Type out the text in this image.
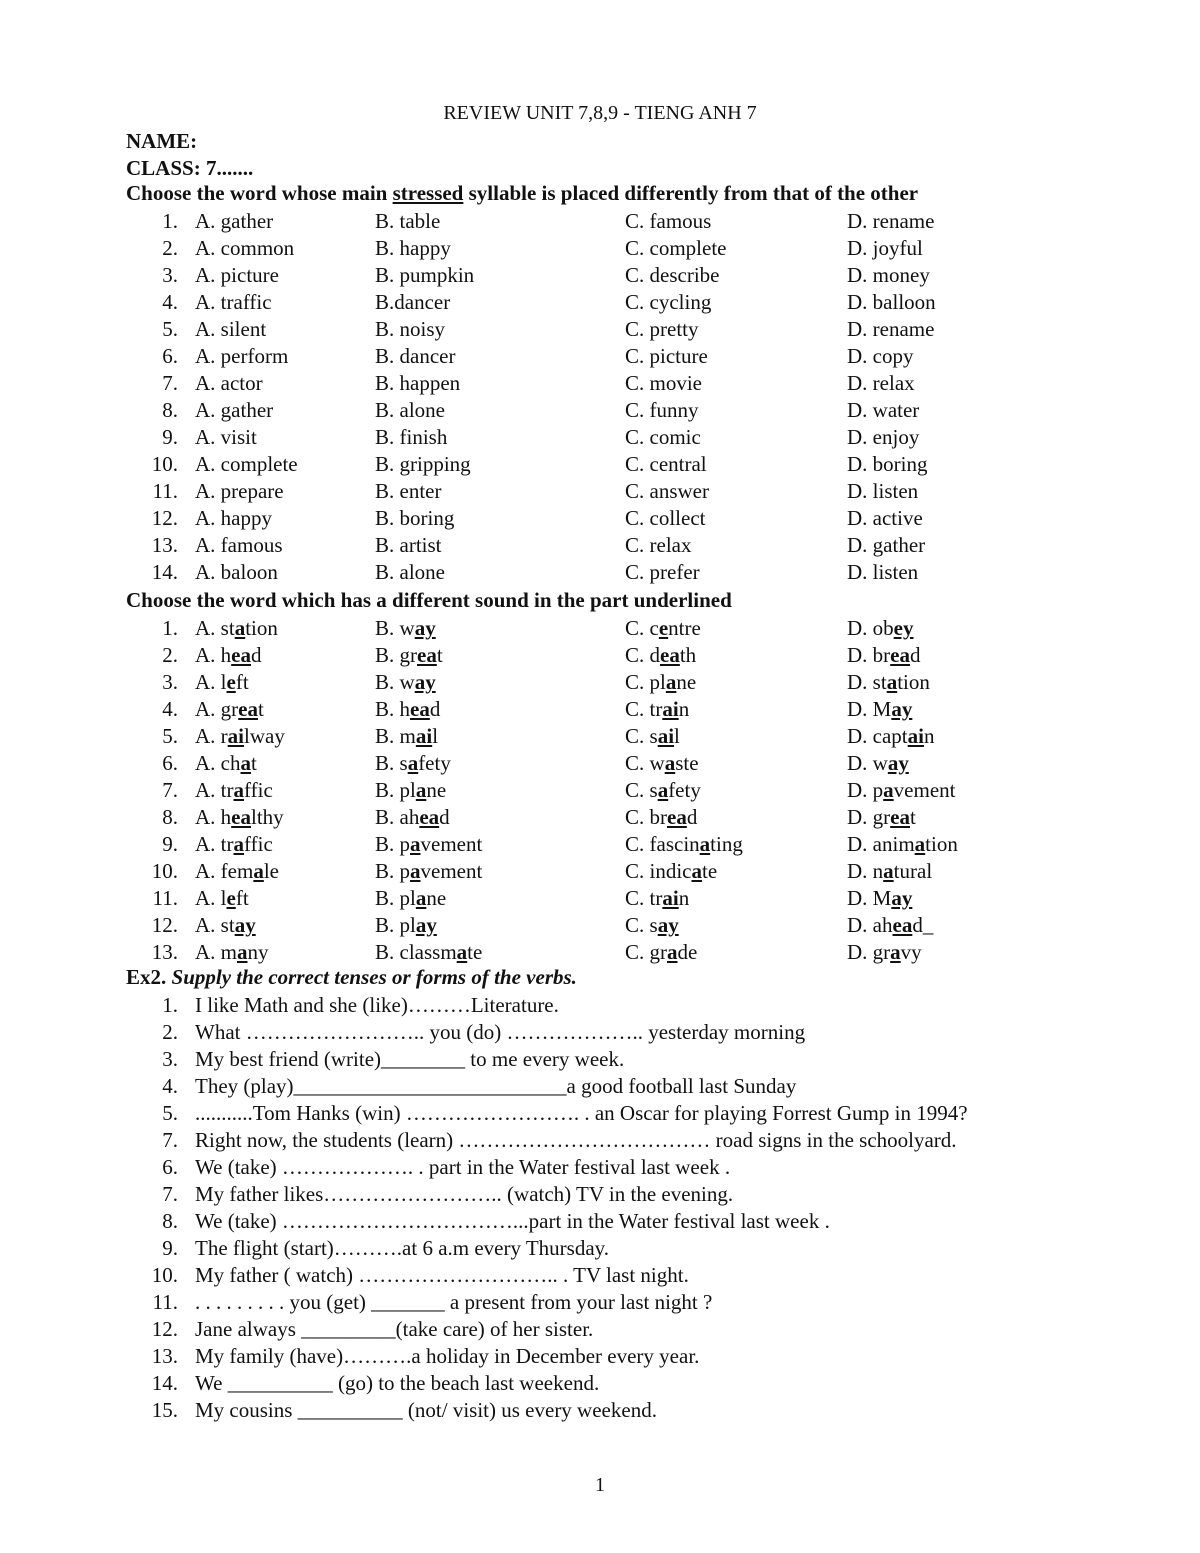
REVIEW UNIT 7,8,9 - TIENG ANH 7
NAME:
CLASS: 7.......
Choose the word whose main stressed syllable is placed differently from that of the other
1. A. gather	B. table	C. famous	D. rename
2. A. common	B. happy	C. complete	D. joyful
3. A. picture	B. pumpkin	C. describe	D. money
4. A. traffic	B.dancer	C. cycling	D. balloon
5. A. silent	B. noisy	C. pretty	D. rename
6. A. perform	B. dancer	C. picture	D. copy
7. A. actor	B. happen	C. movie	D. relax
8. A. gather	B. alone	C. funny	D. water
9. A. visit	B. finish	C. comic	D. enjoy
10. A. complete	B. gripping	C. central	D. boring
11. A. prepare	B. enter	C. answer	D. listen
12. A. happy	B. boring	C. collect	D. active
13. A. famous	B. artist	C. relax	D. gather
14. A. baloon	B. alone	C. prefer	D. listen
Choose the word which has a different sound in the part underlined
1. A. station	B. way	C. centre	D. obey
2. A. head	B. great	C. death	D. bread
3. A. left	B. way	C. plane	D. station
4. A. great	B. head	C. train	D. May
5. A. railway	B. mail	C. sail	D. captain
6. A. chat	B. safety	C. waste	D. way
7. A. traffic	B. plane	C. safety	D. pavement
8. A. healthy	B. ahead	C. bread	D. great
9. A. traffic	B. pavement	C. fascinating	D. animation
10. A. female	B. pavement	C. indicate	D. natural
11. A. left	B. plane	C. train	D. May
12. A. stay	B. play	C. say	D. ahead_
13. A. many	B. classmate	C. grade	D. gravy
Ex2. Supply the correct tenses or forms of the verbs.
1. I like Math and she (like)………Literature.
2. What …………………….. you (do) ……………….. yesterday morning
3. My best friend (write)________ to me every week.
4. They (play)__________________________a good football last Sunday
5. ...........Tom Hanks (win) ……………………. . an Oscar for playing Forrest Gump in 1994?
7. Right now, the students (learn) ……………………………… road signs in the schoolyard.
6. We (take) ………………. . part in the Water festival last week .
7. My father likes…………………….. (watch) TV in the evening.
8. We (take) ……………………………...part in the Water festival last week .
9. The flight (start)……….at 6 a.m every Thursday.
10. My father ( watch) ……………………….. . TV last night.
11. . . . . . . . . . you (get) _______ a present from your last night ?
12. Jane always _________(take care) of her sister.
13. My family (have)……….a holiday in December every year.
14. We __________ (go) to the beach last weekend.
15. My cousins __________ (not/ visit) us every weekend.
1
